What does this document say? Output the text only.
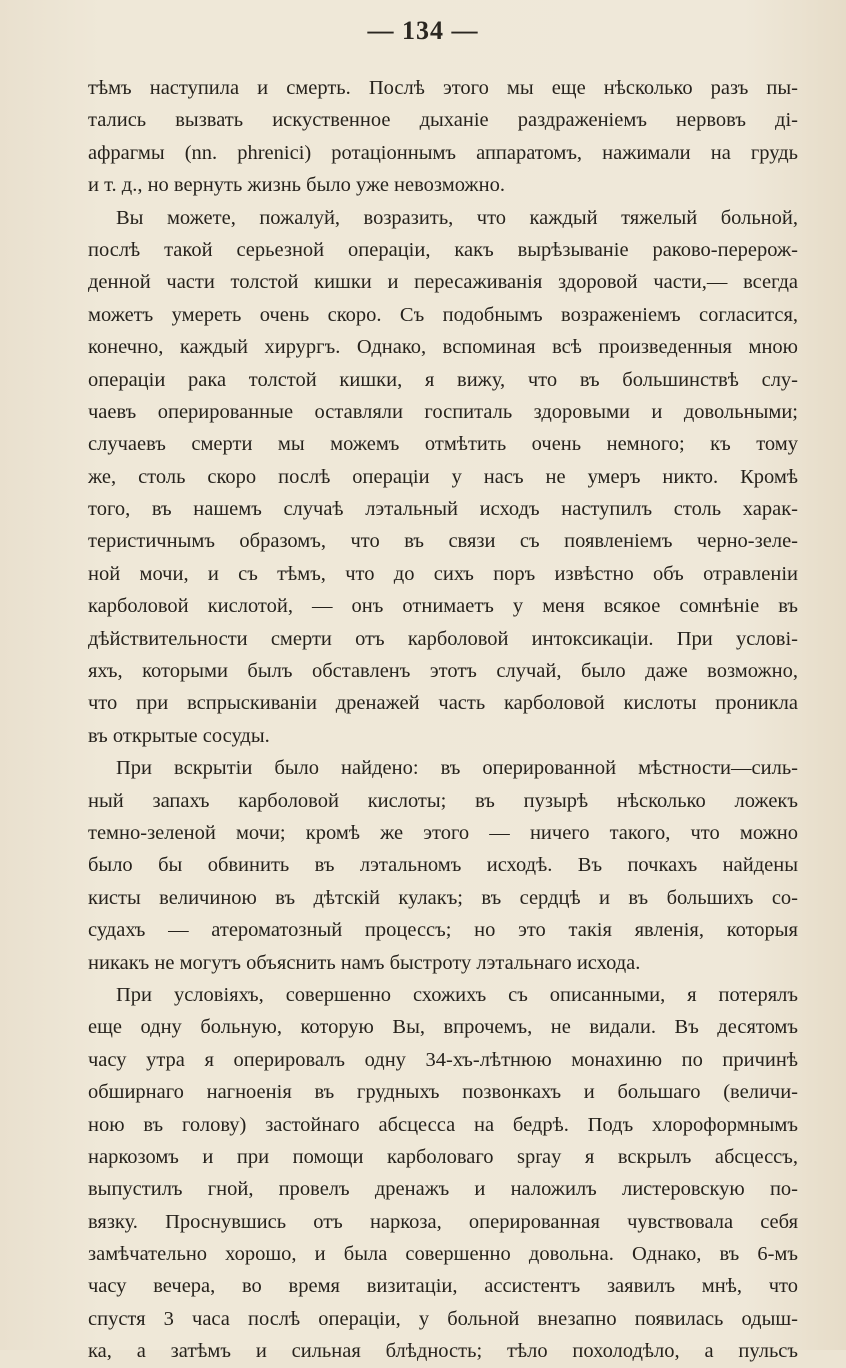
— 134 —
тѣмъ наступила и смерть. Послѣ этого мы еще нѣсколько разъ пы-
тались вызвать искуственное дыханіе раздраженіемъ нервовъ ді-
афрагмы (nn. phrenici) ротаціоннымъ аппаратомъ, нажимали на грудь
и т. д., но вернуть жизнь было уже невозможно.
Вы можете, пожалуй, возразить, что каждый тяжелый больной,
послѣ такой серьезной операціи, какъ вырѣзываніе раково-перерож-
денной части толстой кишки и пересаживанія здоровой части,— всегда
можетъ умереть очень скоро. Съ подобнымъ возраженіемъ согласится,
конечно, каждый хирургъ. Однако, вспоминая всѣ произведенныя мною
операціи рака толстой кишки, я вижу, что въ большинствѣ слу-
чаевъ оперированные оставляли госпиталь здоровыми и довольными;
случаевъ смерти мы можемъ отмѣтить очень немного; къ тому
же, столь скоро послѣ операціи у насъ не умеръ никто. Кромѣ
того, въ нашемъ случаѣ лэтальный исходъ наступилъ столь харак-
теристичнымъ образомъ, что въ связи съ появленіемъ черно-зеле-
ной мочи, и съ тѣмъ, что до сихъ поръ извѣстно объ отравленіи
карболовой кислотой, — онъ отнимаетъ у меня всякое сомнѣніе въ
дѣйствительности смерти отъ карболовой интоксикаціи. При услові-
яхъ, которыми былъ обставленъ этотъ случай, было даже возможно,
что при вспрыскиваніи дренажей часть карболовой кислоты проникла
въ открытые сосуды.
При вскрытіи было найдено: въ оперированной мѣстности—силь-
ный запахъ карболовой кислоты; въ пузырѣ нѣсколько ложекъ
темно-зеленой мочи; кромѣ же этого — ничего такого, что можно
было бы обвинить въ лэтальномъ исходѣ. Въ почкахъ найдены
кисты величиною въ дѣтскій кулакъ; въ сердцѣ и въ большихъ со-
судахъ — атероматозный процессъ; но это такія явленія, которыя
никакъ не могутъ объяснить намъ быстроту лэтальнаго исхода.
При условіяхъ, совершенно схожихъ съ описанными, я потерялъ
еще одну больную, которую Вы, впрочемъ, не видали. Въ десятомъ
часу утра я оперировалъ одну 34-хъ-лѣтнюю монахиню по причинѣ
обширнаго нагноенія въ грудныхъ позвонкахъ и большаго (величи-
ною въ голову) застойнаго абсцесса на бедрѣ. Подъ хлороформнымъ
наркозомъ и при помощи карболоваго spray я вскрылъ абсцессъ,
выпустилъ гной, провелъ дренажъ и наложилъ листеровскую по-
вязку. Проснувшись отъ наркоза, оперированная чувствовала себя
замѣчательно хорошо, и была совершенно довольна. Однако, въ 6-мъ
часу вечера, во время визитаціи, ассистентъ заявилъ мнѣ, что
спустя 3 часа послѣ операціи, у больной внезапно появилась одыш-
ка, а затѣмъ и сильная блѣдность; тѣло похолодѣло, а пульсъ
